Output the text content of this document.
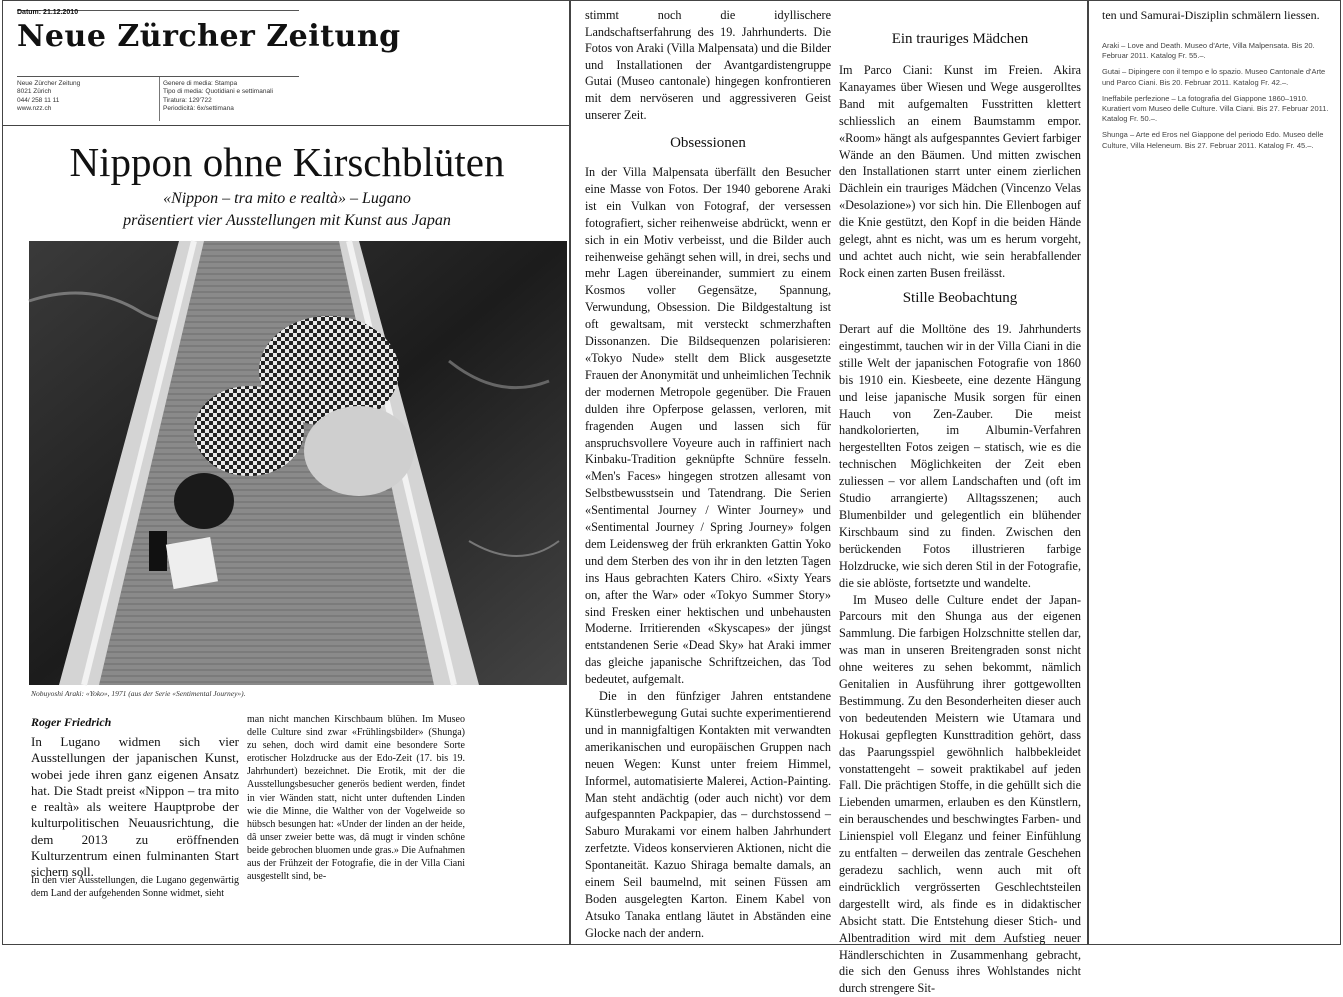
Datum: 21.12.2010
Neue Zürcher Zeitung
Neue Zürcher Zeitung
8021 Zürich
044/ 258 11 11
www.nzz.ch
Genere di media: Stampa
Tipo di media: Quotidiani e settimanali
Tiratura: 129'722
Periodicità: 6x/settimana
Nippon ohne Kirschblüten
«Nippon – tra mito e realtà» – Lugano
präsentiert vier Ausstellungen mit Kunst aus Japan
Nobuyoshi Araki: «Yoko», 1971 (aus der Serie «Sentimental Journey»).
Roger Friedrich

In Lugano widmen sich vier Ausstellungen der japanischen Kunst, wobei jede ihren ganz eigenen Ansatz hat. Die Stadt preist «Nippon – tra mito e realtà» als weitere Hauptprobe der kulturpolitischen Neuausrichtung, die dem 2013 zu eröffnenden Kulturzentrum einen fulminanten Start sichern soll.

In den vier Ausstellungen, die Lugano gegenwärtig dem Land der aufgehenden Sonne widmet, sieht

man nicht manchen Kirschbaum blühen. Im Museo delle Culture sind zwar «Frühlingsbilder» (Shunga) zu sehen, doch wird damit eine besondere Sorte erotischer Holzdrucke aus der Edo-Zeit (17. bis 19. Jahrhundert) bezeichnet. Die Erotik, mit der die Ausstellungsbesucher generös bedient werden, findet in vier Wänden statt, nicht unter duftenden Linden wie die Minne, die Walther von der Vogelweide so hübsch besungen hat: «Under der linden an der heide, dâ unser zweier bette was, dâ mugt ir vinden schône beide gebrochen bluomen unde gras.» Die Aufnahmen aus der Frühzeit der Fotografie, die in der Villa Ciani ausgestellt sind, be-

stimmt noch die idyllischere Landschaftserfahrung des 19. Jahrhunderts. Die Fotos von Araki (Villa Malpensata) und die Bilder und Installationen der Avantgardistengruppe Gutai (Museo cantonale) hingegen konfrontieren mit dem nervöseren und aggressiveren Geist unserer Zeit.

Obsessionen

In der Villa Malpensata überfällt den Besucher eine Masse von Fotos. Der 1940 geborene Araki ist ein Vulkan von Fotograf, der versessen fotografiert, sicher reihenweise abdrückt, wenn er sich in ein Motiv verbeisst, und die Bilder auch reihenweise gehängt sehen will, in drei, sechs und mehr Lagen übereinander, summiert zu einem Kosmos voller Gegensätze, Spannung, Verwundung, Obsession. Die Bildgestaltung ist oft gewaltsam, mit versteckt schmerzhaften Dissonanzen. Die Bildsequenzen polarisieren: «Tokyo Nude» stellt dem Blick ausgesetzte Frauen der Anonymität und unheimlichen Technik der modernen Metropole gegenüber. Die Frauen dulden ihre Opferpose gelassen, verloren, mit fragenden Augen und lassen sich für anspruchsvollere Voyeure auch in raffiniert nach Kinbaku-Tradition geknüpfte Schnüre fesseln. «Men's Faces» hingegen strotzen allesamt von Selbstbewusstsein und Tatendrang. Die Serien «Sentimental Journey / Winter Journey» und «Sentimental Journey / Spring Journey» folgen dem Leidensweg der früh erkrankten Gattin Yoko und dem Sterben des von ihr in den letzten Tagen ins Haus gebrachten Katers Chiro. «Sixty Years on, after the War» oder «Tokyo Summer Story» sind Fresken einer hektischen und unbehausten Moderne. Irritierenden «Skyscapes» der jüngst entstandenen Serie «Dead Sky» hat Araki immer das gleiche japanische Schriftzeichen, das Tod bedeutet, aufgemalt.

Die in den fünfziger Jahren entstandene Künstlerbewegung Gutai suchte experimentierend und in mannigfaltigen Kontakten mit verwandten amerikanischen und europäischen Gruppen nach neuen Wegen: Kunst unter freiem Himmel, Informel, automatisierte Malerei, Action-Painting. Man steht andächtig (oder auch nicht) vor dem aufgespannten Packpapier, das – durchstossend – Saburo Murakami vor einem halben Jahrhundert zerfetzte. Videos konservieren Aktionen, nicht die Spontaneität. Kazuo Shiraga bemalte damals, an einem Seil baumelnd, mit seinen Füssen am Boden ausgelegten Karton. Einem Kabel von Atsuko Tanaka entlang läutet in Abständen eine Glocke nach der andern.

Ein trauriges Mädchen

Im Parco Ciani: Kunst im Freien. Akira Kanayames über Wiesen und Wege ausgerolltes Band mit aufgemalten Fusstritten klettert schliesslich an einem Baumstamm empor. «Room» hängt als aufgespanntes Geviert farbiger Wände an den Bäumen. Und mitten zwischen den Installationen starrt unter einem zierlichen Dächlein ein trauriges Mädchen (Vincenzo Velas «Desolazione») vor sich hin. Die Ellenbogen auf die Knie gestützt, den Kopf in die beiden Hände gelegt, ahnt es nicht, was um es herum vorgeht, und achtet auch nicht, wie sein herabfallender Rock einen zarten Busen freilässt.

Stille Beobachtung

Derart auf die Molltöne des 19. Jahrhunderts eingestimmt, tauchen wir in der Villa Ciani in die stille Welt der japanischen Fotografie von 1860 bis 1910 ein. Kiesbeete, eine dezente Hängung und leise japanische Musik sorgen für einen Hauch von Zen-Zauber. Die meist handkolorierten, im Albumin-Verfahren hergestellten Fotos zeigen – statisch, wie es die technischen Möglichkeiten der Zeit eben zuliessen – vor allem Landschaften und (oft im Studio arrangierte) Alltagsszenen; auch Blumenbilder und gelegentlich ein blühender Kirschbaum sind zu finden. Zwischen den berückenden Fotos illustrieren farbige Holzdrucke, wie sich deren Stil in der Fotografie, die sie ablöste, fortsetzte und wandelte.

Im Museo delle Culture endet der Japan-Parcours mit den Shunga aus der eigenen Sammlung. Die farbigen Holzschnitte stellen dar, was man in unseren Breitengraden sonst nicht ohne weiteres zu sehen bekommt, nämlich Genitalien in Ausführung ihrer gottgewollten Bestimmung. Zu den Besonderheiten dieser auch von bedeutenden Meistern wie Utamara und Hokusai gepflegten Kunsttradition gehört, dass das Paarungsspiel gewöhnlich halbbekleidet vonstattengeht – soweit praktikabel auf jeden Fall. Die prächtigen Stoffe, in die gehüllt sich die Liebenden umarmen, erlauben es den Künstlern, ein berauschendes und beschwingtes Farben- und Linienspiel voll Eleganz und feiner Einfühlung zu entfalten – derweilen das zentrale Geschehen geradezu sachlich, wenn auch mit oft eindrücklich vergrösserten Geschlechtsteilen dargestellt wird, als finde es in didaktischer Absicht statt. Die Entstehung dieser Stich- und Albentradition wird mit dem Aufstieg neuer Händlerschichten in Zusammenhang gebracht, die sich den Genuss ihres Wohlstandes nicht durch strengere Sit-

ten und Samurai-Disziplin schmälern liessen.

Araki – Love and Death. Museo d'Arte, Villa Malpensata. Bis 20. Februar 2011. Katalog Fr. 55.–.

Gutai – Dipingere con il tempo e lo spazio. Museo Cantonale d'Arte und Parco Ciani. Bis 20. Februar 2011. Katalog Fr. 42.–.

Ineffabile perfezione – La fotografia del Giappone 1860–1910. Kuratiert vom Museo delle Culture. Villa Ciani. Bis 27. Februar 2011. Katalog Fr. 50.–.

Shunga – Arte ed Eros nel Giappone del periodo Edo. Museo delle Culture, Villa Heleneum. Bis 27. Februar 2011. Katalog Fr. 45.–.
